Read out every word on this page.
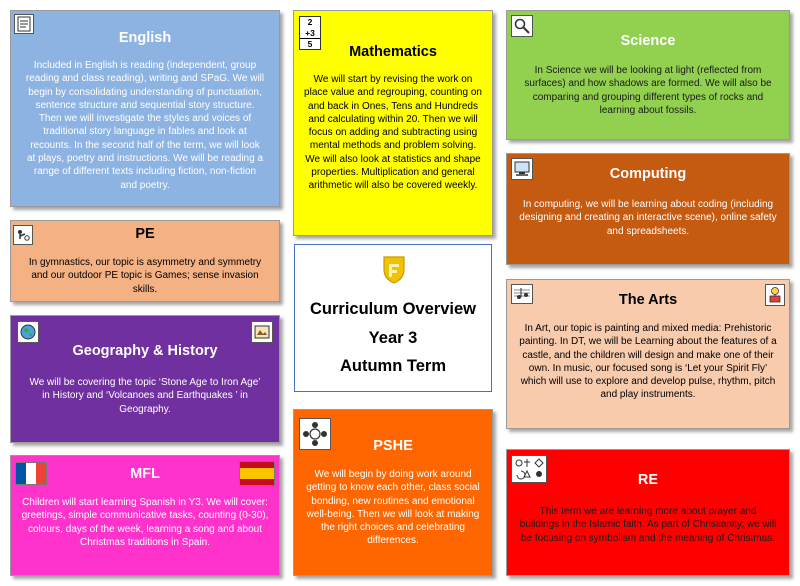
English
Included in English is reading (independent, group reading and class reading), writing and SPaG. We will begin by consolidating understanding of punctuation, sentence structure and sequential story structure. Then we will investigate the styles and voices of traditional story language in fables and look at recounts. In the second half of the term, we will look at plays, poetry and instructions. We will be reading a range of different texts including fiction, non-fiction and poetry.
2
+3
5	Mathematics
We will start by revising the work on place value and regrouping, counting on and back in Ones, Tens and Hundreds and calculating within 20. Then we will focus on adding and subtracting using mental methods and problem solving. We will also look at statistics and shape properties. Multiplication and general arithmetic will also be covered weekly.
Science
In Science we will be looking at light (reflected from surfaces) and how shadows are formed. We will also be comparing and grouping different types of rocks and learning about fossils.
Computing
In computing, we will be learning about coding (including designing and creating an interactive scene), online safety and spreadsheets.
PE
In gymnastics, our topic is asymmetry and symmetry and our outdoor PE topic is Games; sense invasion skills.
Curriculum Overview
Year 3
Autumn Term
The Arts
In Art, our topic is painting and mixed media: Prehistoric painting. In DT, we will be Learning about the features of a castle, and the children will design and make one of their own. In music, our focused song is ‘Let your Spirit Fly’ which will use to explore and develop pulse, rhythm, pitch and play instruments.
Geography & History
We will be covering the topic ‘Stone Age to Iron Age’ in History and ‘Volcanoes and Earthquakes ’ in Geography.
PSHE
We will begin by doing work around getting to know each other, class social bonding, new routines and emotional well-being. Then we will look at making the right choices and celebrating differences.
MFL
Children will start learning Spanish in Y3. We will cover: greetings, simple communicative tasks, counting (0-30), colours, days of the week, learning a song and about Christmas traditions in Spain.
RE
This term we are learning more about prayer and buildings in the Islamic faith. As part of Christianity, we will be focusing on symbolism and the meaning of Christmas.
